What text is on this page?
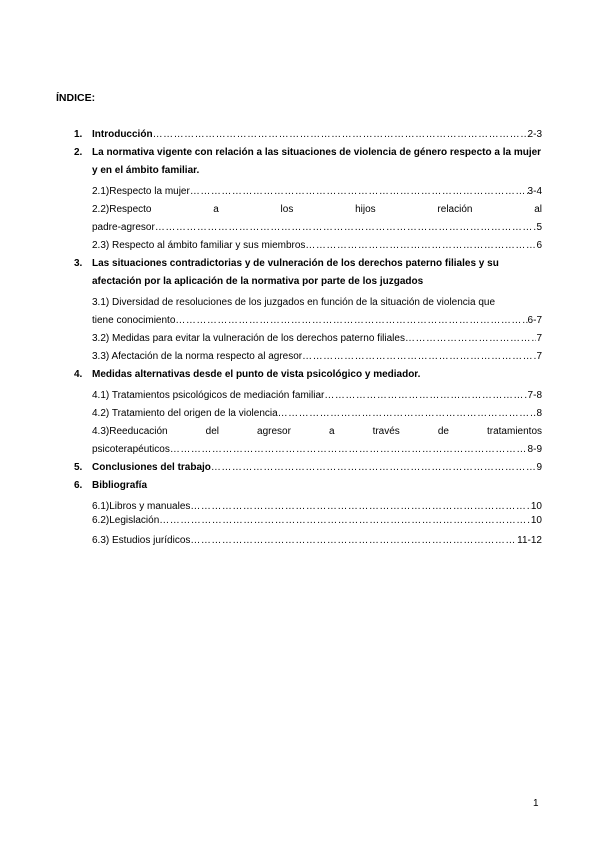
ÍNDICE:
1. Introducción …………………………………………………………………………………………………………………………………………………………………………………………………………	2-3
2. La normativa vigente con relación a las situaciones de violencia de género respecto a la mujer y en el ámbito familiar.
2.1)Respecto la mujer …………………………………………………………………………………………………………………………………………………………………………………………………………	3-4
2.2)Respecto	a	los	hijos	relación	al
padre-agresor …………………………………………………………………………………………………………………………………………………………………………………………………………	5
2.3) Respecto al ámbito familiar y sus miembros …………………………………………………………………………………………………………………………………………………………………………………………………………	6
3. Las situaciones contradictorias y de vulneración de los derechos paterno filiales y su afectación por la aplicación de la normativa por parte de los juzgados
3.1) Diversidad de resoluciones de los juzgados en función de la situación de violencia que
tiene conocimiento …………………………………………………………………………………………………………………………………………………………………………………………………………	6-7
3.2) Medidas para evitar la vulneración de los derechos paterno filiales …………………………………………………………………………………………………………………………………………………………………………………………………………	7
3.3) Afectación de la norma respecto al agresor …………………………………………………………………………………………………………………………………………………………………………………………………………	7
4. Medidas alternativas desde el punto de vista psicológico y mediador.
4.1) Tratamientos psicológicos de mediación familiar …………………………………………………………………………………………………………………………………………………………………………………………………………	7-8
4.2) Tratamiento del origen de la violencia …………………………………………………………………………………………………………………………………………………………………………………………………………	8
4.3)Reeducación	del	agresor	a	través	de	tratamientos
psicoterapéuticos …………………………………………………………………………………………………………………………………………………………………………………………………………	8-9
5. Conclusiones del trabajo …………………………………………………………………………………………………………………………………………………………………………………………………………	9
6. Bibliografía
6.1)Libros y manuales …………………………………………………………………………………………………………………………………………………………………………………………………………	10
6.2)Legislación …………………………………………………………………………………………………………………………………………………………………………………………………………	10
6.3) Estudios jurídicos …………………………………………………………………………………………………………………………………………………………………………………………………………	11-12
1
